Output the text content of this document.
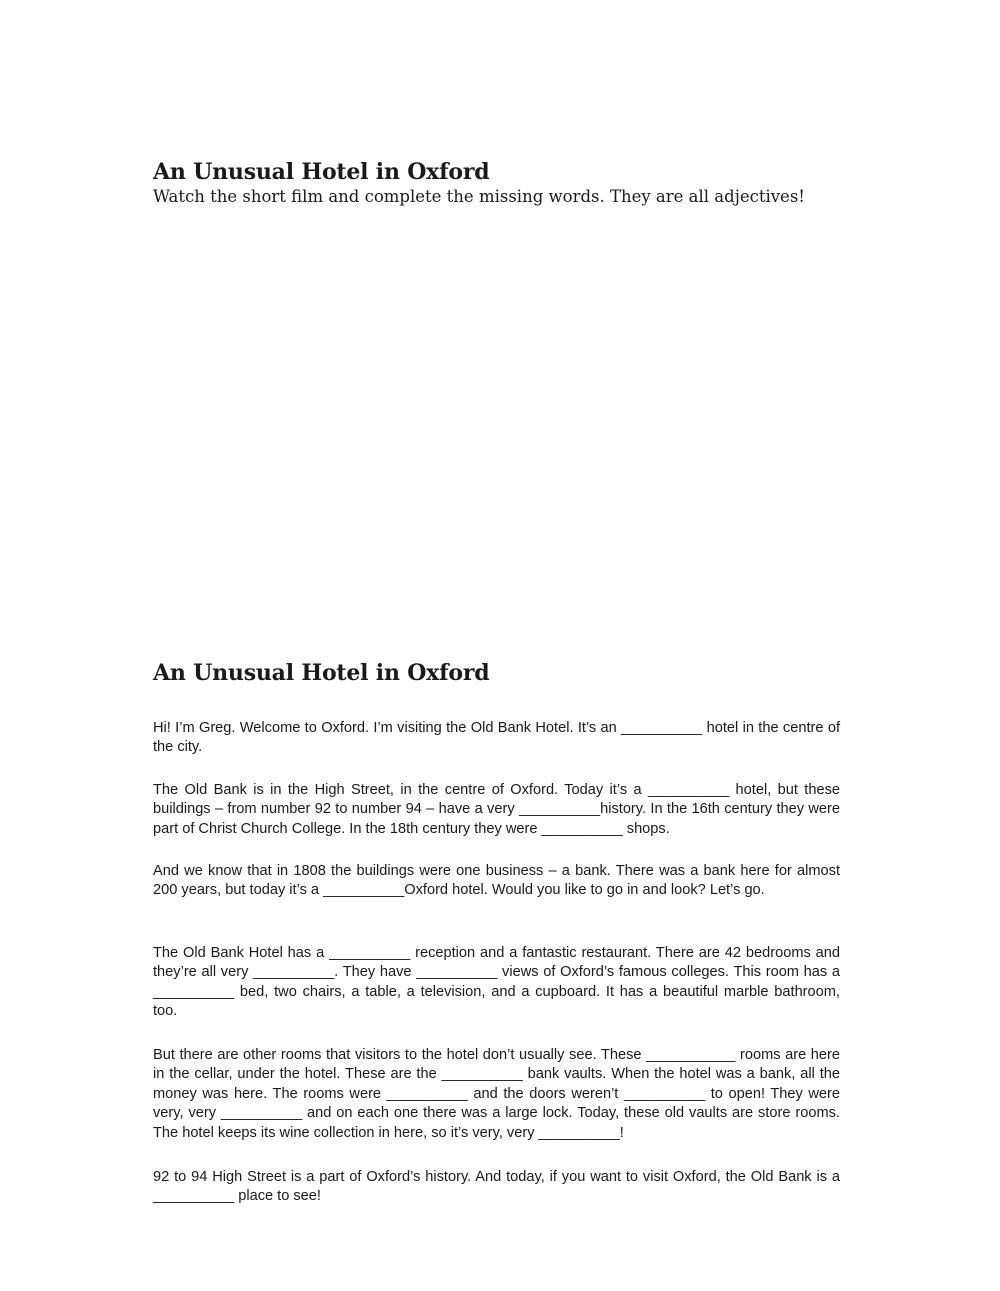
An Unusual Hotel in Oxford

Watch the short film and complete the missing words. They are all adjectives!

An Unusual Hotel in Oxford

Hi! I’m Greg. Welcome to Oxford. I’m visiting the Old Bank Hotel. It’s an __________ hotel in the centre of the city.

The Old Bank is in the High Street, in the centre of Oxford. Today it’s a __________ hotel, but these buildings – from number 92 to number 94 – have a very __________history. In the 16th century they were part of Christ Church College. In the 18th century they were __________ shops.

And we know that in 1808 the buildings were one business – a bank. There was a bank here for almost 200 years, but today it’s a __________Oxford hotel. Would you like to go in and look? Let’s go.

The Old Bank Hotel has a __________ reception and a fantastic restaurant. There are 42 bedrooms and they’re all very __________. They have __________ views of Oxford’s famous colleges. This room has a __________ bed, two chairs, a table, a television, and a cupboard. It has a beautiful marble bathroom, too.

But there are other rooms that visitors to the hotel don’t usually see. These ___________ rooms are here in the cellar, under the hotel. These are the __________ bank vaults. When the hotel was a bank, all the money was here. The rooms were __________ and the doors weren’t __________ to open! They were very, very __________ and on each one there was a large lock. Today, these old vaults are store rooms. The hotel keeps its wine collection in here, so it’s very, very __________!

92 to 94 High Street is a part of Oxford’s history. And today, if you want to visit Oxford, the Old Bank is a __________ place to see!
